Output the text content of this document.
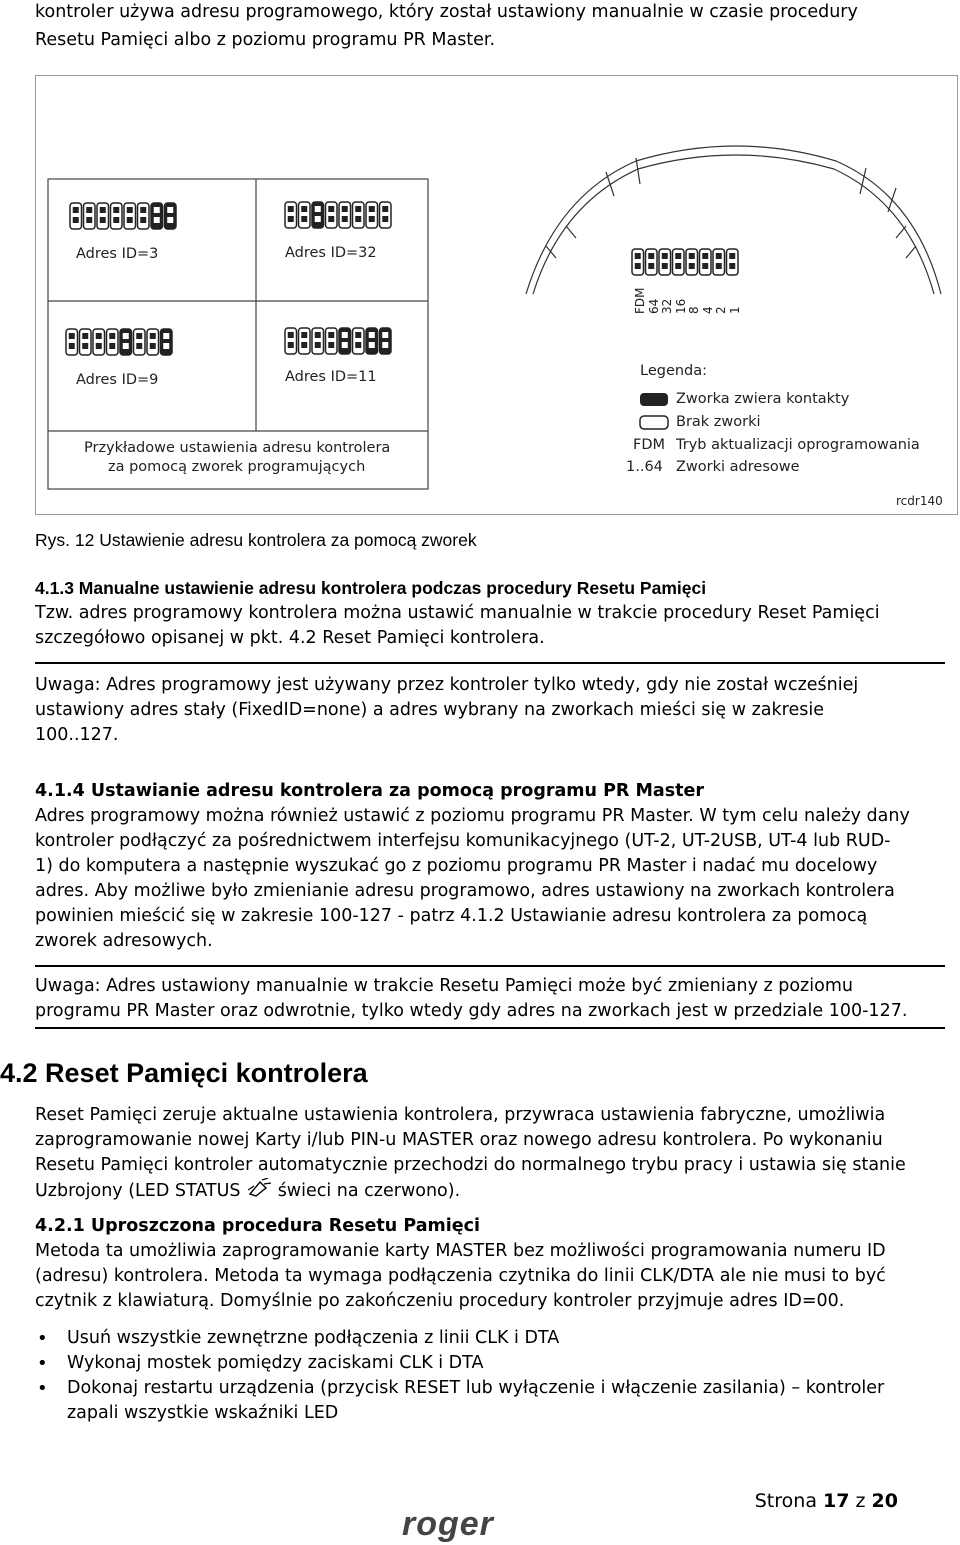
kontroler używa adresu programowego, który został ustawiony manualnie w czasie procedury
Resetu Pamięci albo z poziomu programu PR Master.
Adres ID=3	Adres ID=32
Adres ID=9	Adres ID=11
Przykładowe ustawienia adresu kontrolera
za pomocą zworek programujących
FDM 64 32 16 8 4 2 1
Legenda:
Zworka zwiera kontakty
Brak zworki
FDM Tryb aktualizacji oprogramowania
1..64 Zworki adresowe
rcdr140
Rys. 12 Ustawienie adresu kontrolera za pomocą zworek
4.1.3 Manualne ustawienie adresu kontrolera podczas procedury Resetu Pamięci
Tzw. adres programowy kontrolera można ustawić manualnie w trakcie procedury Reset Pamięci
szczegółowo opisanej w pkt. 4.2 Reset Pamięci kontrolera.
Uwaga: Adres programowy jest używany przez kontroler tylko wtedy, gdy nie został wcześniej
ustawiony adres stały (FixedID=none) a adres wybrany na zworkach mieści się w zakresie
100..127.
4.1.4 Ustawianie adresu kontrolera za pomocą programu PR Master
Adres programowy można również ustawić z poziomu programu PR Master. W tym celu należy dany
kontroler podłączyć za pośrednictwem interfejsu komunikacyjnego (UT-2, UT-2USB, UT-4 lub RUD-
1) do komputera a następnie wyszukać go z poziomu programu PR Master i nadać mu docelowy
adres. Aby możliwe było zmienianie adresu programowo, adres ustawiony na zworkach kontrolera
powinien mieścić się w zakresie 100-127 - patrz 4.1.2 Ustawianie adresu kontrolera za pomocą
zworek adresowych.
Uwaga: Adres ustawiony manualnie w trakcie Resetu Pamięci może być zmieniany z poziomu
programu PR Master oraz odwrotnie, tylko wtedy gdy adres na zworkach jest w przedziale 100-127.
4.2 Reset Pamięci kontrolera
Reset Pamięci zeruje aktualne ustawienia kontrolera, przywraca ustawienia fabryczne, umożliwia
zaprogramowanie nowej Karty i/lub PIN-u MASTER oraz nowego adresu kontrolera. Po wykonaniu
Resetu Pamięci kontroler automatycznie przechodzi do normalnego trybu pracy i ustawia się stanie
Uzbrojony (LED STATUS świeci na czerwono).
4.2.1 Uproszczona procedura Resetu Pamięci
Metoda ta umożliwia zaprogramowanie karty MASTER bez możliwości programowania numeru ID
(adresu) kontrolera. Metoda ta wymaga podłączenia czytnika do linii CLK/DTA ale nie musi to być
czytnik z klawiaturą. Domyślnie po zakończeniu procedury kontroler przyjmuje adres ID=00.
• Usuń wszystkie zewnętrzne podłączenia z linii CLK i DTA
• Wykonaj mostek pomiędzy zaciskami CLK i DTA
• Dokonaj restartu urządzenia (przycisk RESET lub wyłączenie i włączenie zasilania) – kontroler
zapali wszystkie wskaźniki LED
Strona 17 z 20
roger
